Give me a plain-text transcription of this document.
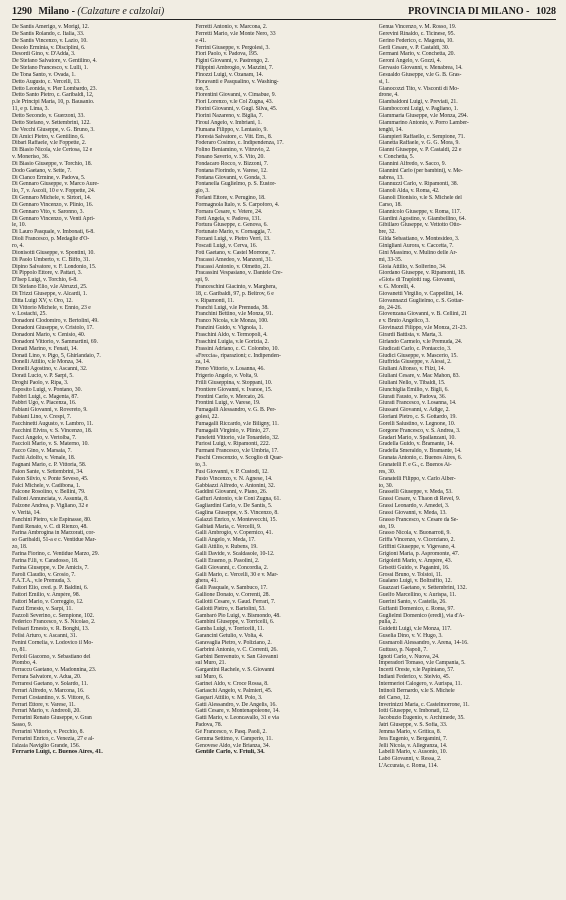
1290 Milano - (Calzature e calzolai)	PROVINCIA DI MILANO - 1028
De Santis Amerigo, v. Morigi, 12.
De Santis Rolando, c. Italia, 33.
De Santis Vincenzo, v. Lazio, 10.
Desolo Erminia, v. Disciplini, 6.
Desordi Gino, v. D'Adda, 3.
De Stefano Salvatore, v. Gentilino, 4.
De Stefano Francesco, v. Lulli, 1.
De Tona Santo, v. Ovada, 1.
Detto Augusto, c. Vercelli, 13.
Detto Leonida, v. Pier Lombardo, 23.
Detto Santo Pietro, c. Garibaldi, 12,
p.le Principi Maria, 10, p. Bausanio.
11, e p. Lima, 3.
Detto Secondo, v. Guerzoni, 33.
Detto Stefano, v. Settembrini, 122.
De Vecchi Giuseppe, v. G. Bruno, 3.
Di Amici Pietro, v. Gentilino, 6.
Dibari Raffaele, v.le Foppette, 2.
Di Biasio Nicola, v.le Certosa, 12 e
v. Moneriso, 36.
Di Biasio Giuseppe, v. Torchio, 18.
Dodo Gaetano, v. Sette, 7.
Di Cianco Ermine, v. Padova, 5.
Di Gennaro Giuseppe, v. Marco Aure-
lio, 7, v. Ascoli, 10 e v. Foppette, 24.
Di Gennaro Michele, v. Sirtori, 14.
Di Gennaro Vincenzo, v. Plinio, 16.
Di Gennaro Vito, v. Saronno, 3.
Di Gennaro Vincenzo, v. Venti Apri-
le, 10.
Di Lauro Pasquale, v. Imbonati, 6-8.
Dioli Francesco, p. Medaglie d'O-
ro, 4.
Dionisotti Giuseppe, v. Spontini, 10.
Di Paolo Umberto, v. C. Biffo, 31.
Dipino Salvatore, v. F. Londonio, 15.
Di Pippolo Ettore, v. Pattari, 3.
D'Isep Luigi, v. Torchio, 6-8.
Di Stefano Elio, v.le Abruzzi, 25.
Di Trizzi Giuseppe, v. Alcardi, 1.
Ditta Luigi XV, v. Oro, 12.
Di Vittorio Michele, v. Ennio, 23 e
v. Lostachi, 25.
Donadoni Clodomiro, v. Bertolini, 49.
Donadoni Giuseppe, v. Cristolo, 17.
Donadoni Mario, v. Cenisio, 40.
Donadoni Vittorio, v. Sammartini, 69.
Donati Marino, v. Fenati, 14.
Donati Lino, v. Pigo, 5, Ghirlandaio, 7.
Donelli Attilio, v.le Monza, 34.
Donelli Agostino, v. Ascanni, 32.
Dorati Lucio, v. P. Sarpi, 5.
Droghi Paolo, v. Ripa, 3.
Esposito Luigi, v. Pontano, 30.
Fabbri Luigi, c. Magenta, 87.
Fabbri Ugo, v. Piacenza, 16.
Fabiani Giovanni, v. Rovereto, 9.
Fabiani Lino, v. Crespi, 7.
Facchinetti Augusto, v. Lambro, 11.
Facchini Elvira, v. S. Vincenzo, 18.
Facci Angelo, v. Vertolba, 7.
Faccioli Mario, v. S. Materno, 10.
Facco Gino, v. Marsaia, 7.
Fachi Adolfo, v. Venale, 18.
Fagnani Mario, c. P. Vittoria, 58.
Faion Sante, v. Settembrini, 34.
Faion Silvio, v. Ponte Seveso, 45.
Falci Michele, v. Cadibona, 1.
Falcone Rosolino, v. Bellini, 79.
Falloni Annunciata, v. Assunta, 8.
Falzone Andrea, p. Vigliano, 32 e
v. Verità, 14.
Fanchini Pietro, v.le Espinasse, 80.
Fanti Renato, v. C. di Rienzo, 48.
Farina Ambrogina in Marzorati, cor-
so Garibaldi, 51-a e c. Ventidue Mar-
zo, 18.
Farina Fiorino, c. Ventidue Marzo, 29.
Farina F.lli, v. Caradosso, 18.
Farina Giuseppe, v. De Amicis, 7.
Faroli Claudio, v. Grosio, 7.
F.A.T.A., v.le Premuda, 3.
Fattori Elio, cred. p. P. Baldini, 6.
Fattori Emilio, v. Ampère, 98.
Fattori Mario, v. Correggio, 12.
Fazzi Ernesto, v. Sarpi, 11.
Fazzoli Severino, c. Sempione, 102.
Federico Francesco, v. S. Nicolao, 2.
Felisari Ernesto, v. R. Bonghi, 13.
Felisi Arturo, v. Ascanni, 31.
Fenini Cornelia, v. Lodovico il Mo-
ro, 81.
Ferioli Giacomo, v. Sebastiano del
Piombo, 4.
Ferraccu Gaetano, v. Madonnina, 23.
Ferrara Salvatore, v. Adua, 20.
Ferraresi Gaetano, v. Solardo, 11.
Ferrari Alfredo, v. Marcona, 16.
Ferrari Costantino, v. S. Vittore, 6.
Ferrari Ettore, v. Varese, 11.
Ferrari Mario, v. Andreoli, 20.
Ferrarini Renato Giuseppe, v. Gran
Sasso, 9.
Ferrarini Vittorio, v. Pecchio, 8.
Ferrarini Enrico, c. Venezia, 27 e al-
l'alzaia Naviglio Grande, 156.
Ferrario Luigi, c. Buenos Aires, 41.
Ferretti Antonio, v. Marcona, 2.
Ferretti Mario, v.le Monte Nero, 33
e 41.
Ferrini Giuseppe, v. Pergolesi, 3.
Fiori Paolo, v. Padova, 195.
Figini Giovanni, v. Pastrengo, 2.
Filippini Ambrogio, v. Mazzini, 7.
Finozzi Luigi, v. Ozanam, 14.
Fioravanti e Pasqualino, v. Washing-
ton, 5.
Fiorentini Giovanni, v. Cimabue, 9.
Fiori Lorenzo, v.le Col Zugna, 43.
Fiorini Giovanni, v. Gugl. Silva, 45.
Fiorini Nazareno, v. Biglia, 7.
Firoul Angelo, v. Imbriani, 1.
Fiumana Filippo, v. Lentasio, 9.
Florestà Salvatore, c. Vitt. Em., 8.
Foderaro Cosimo, c. Indipendenza, 17.
Folino Beniamino, v. Vitruvio, 2.
Fonano Saverio, v. S. Vito, 20.
Fondacaro Rocco, v. Bizzoni, 7.
Fontana Florindo, v. Varese, 12.
Fontana Giovanni, v. Gonda, 3.
Fontanella Guglielmo, p. S. Eustor-
gio, 3.
Forlani Ettore, v. Perugino, 18.
Formagnola Italo, v. S. Carpoforo, 4.
Fornara Cesare, v. Vetere, 24.
Forti Angela, v. Padova, 131.
Fortura Giuseppe, c. Genova, 6.
Fortunato Mario, v. Cornaggia, 7.
Forzani Luigi, v. Pietro Verri, 13.
Foscati Luigi, v. Cerva, 16.
Foti Gaetano, v. Castel Morrone, 7.
Fracassi Amedeo, v. Manzoni, 31.
Fracassi Antonio, v. Olmetto, 21.
Fracassini Vespasiano, v. Dantele Cre-
spi, 9.
Franceschini Giacinto, v. Marghera,
18, c. Garibaldi, 97, p. Beltrov, 6 e
v. Ripamonti, 11.
Franchi Luigi, v.le Premuda, 38.
Franchini Bettino, v.le Monza, 91.
Franco Nicola, v.le Monza, 100.
Franzini Guido, v. Vignola, 1.
Fraschini Aldo, v. Termopoli, 4.
Fraschini Luigia, v.le Gorizia, 2.
Frassini Adriano, c. C. Colombo, 10.
«Freccia», riparazioni; c. Indipenden-
za, 14.
Freno Vittorio, v. Losanna, 46.
Frigerio Angelo, v. Volta, 9.
Frilli Giuseppina, v. Stoppani, 10.
Frontiere Giovanni, v. Ivanoe, 15.
Frontini Carlo, v. Mercato, 26.
Frontini Luigi, v. Varese, 19.
Fumagalli Alessandro, v. G. B. Per-
golesi, 22.
Fumagalli Riccardo, v.le Biligny, 11.
Fumagalli Virginio, v. Plinio, 27.
Funeletti Vittorio, v.le Tonardelo, 32.
Furiosi Luigi, v. Ripamonti, 222.
Furmani Francesco, v.le Umbria, 17.
Fuschi Crescenzio, v. Scoglio di Quar-
to, 3.
Fusi Giovanni, v. P. Custodi, 12.
Fusto Vincenzo, v. N. Agnese, 14.
Gabbiazzi Alfredo, v. Antonini, 32.
Gaddini Giovanni, v. Piano, 26.
Gaffuri Antonio, v.le Coni Zugna, 61.
Gagliardini Carlo, v. De Santis, 5.
Gaglina Giuseppe, v. S. Vincenzo, 8.
Galazzi Enrico, v. Montevecchi, 15.
Galbiati Maria, c. Vercelli, 9.
Galli Ambrogio, v. Copernico, 41.
Galli Angelo, v. Meda, 17.
Galli Attilio, v. Rubens, 19.
Galli Davide, v. Scaldasole, 10-12.
Galli Erasmo, p. Pasolini, 2.
Galli Giovanni, c. Concordia, 2.
Galli Mario, c. Vercelli, 30 e v. Mar-
ghera, 41.
Galli Pasquale, v. Sambuco, 17.
Gallione Donato, v. Correnti, 28.
Gallotti Cesare, v. Gaud. Ferrari, 7.
Gallotti Pietro, v. Bartolini, 53.
Gambarò Pio Luigi, v. Bismondo, 48.
Gambini Giuseppe, v. Torricelli, 6.
Gamba Luigi, v. Torricelli, 11.
Garancini Getulio, v. Volta, 4.
Garavaglia Pietro, v. Poliziano, 2.
Garbrini Antonio, v. C. Correnti, 26.
Garbini Benvenuto, v. San Giovanni
sul Muro, 21.
Gargantini Rachele, v. S. Giovanni
sul Muro, 6.
Garinei Aldo, v. Croce Rossa, 8.
Gariaschi Angelo, v. Palmieri, 45.
Gaspari Attilio, v. M. Polo, 3.
Gatti Alessandro, v. De Angelis, 16.
Gatti Cesare, v. Montenapoleone, 14.
Gatti Mario, v. Leoncavallo, 31 e via
Padova, 78.
Gè Francesco, v. Pasq. Paoli, 2.
Gemma Settimo, v. Camperio, 11.
Genovese Aldo, v.le Brianza, 34.
Gentile Carlo, v. Friuli, 34.
Genua Vincenzo, v. M. Rosso, 19.
Gerevini Rinaldo, c. Ticinese, 95.
Gerino Federico, c. Magenta, 10.
Gerli Cesare, v. P. Castaldi, 30.
Germani Mario, v. Conchetta, 20.
Geroni Angelo, v. Gozzi, 4.
Gervasio Giovanni, v. Menabrea, 14.
Gesualdo Giuseppe, v.le G. B. Gras-
si, 1.
Gianocozzi Tito, v. Visconti di Mo-
drone, 4.
Giambaldoni Luigi, v. Previati, 21.
Giambocconi Luigi, v. Pagliano, 1.
Giammaria Giuseppe, v.le Monza, 294.
Giammarino Antonio, v. Porro Lamber-
tenghi, 14.
Giampieri Raffaello, c. Sempione, 71.
Gianetta Raffaele, v. G. G. Mora, 9.
Gianni Giuseppe, v. P. Castaldi, 22 e
v. Conchetta, 5.
Giannini Alfredo, v. Sacco, 9.
Giannini Carlo (per bambini), v. Me-
nabrea, 13.
Giannuzzi Carlo, v. Ripamonti, 38.
Gianoli Alda, v. Roma, 42.
Gianoli Dionisio, v.le S. Michele del
Carso, 18.
Giannicolo Giuseppe, v. Roma, 117.
Giardini Agostino, v. Giambellino, 64.
Gibillaro Giuseppe, v. Vettotto Otto-
bre, 32.
Gilda Sebastiano, v. Montesideo, 3.
Ginigliani Aurora, v. Caccetta, 7.
Gini Massimo, v. Mulino delle Ar-
mi, 33-35.
Gioia Attilio, v. Solferino, 34.
Giordano Giuseppe, v. Ripamonti, 18.
«Giot» di Traplotti rag. Giovanni,
v. G. Morelli, 4.
Giovanetti Virgilio, v. Cappellini, 14.
Giovannazzi Guglielmo, c. S. Gottar-
do, 24-26.
Giovenzana Giovanni, v. B. Cellini, 21
e v. Bruto Angelico, 3.
Giovinazzi Filippo, v.le Monza, 21-23.
Girardi Battista, v. Marta, 3.
Girlando Carmelo, v.le Premuda, 24.
Giudicati Carlo, c. Pontaccio, 3.
Giudici Giuseppe, v. Mascerio, 15.
Giuffrida Giuseppe, v. Alessi, 2.
Giuliani Alfonso, v. Filzi, 14.
Giuliani Cesare, v. Mac Mahon, 83.
Giuliani Nello, v. Tibaldi, 15.
Giunchiglia Emilio, v. Bigli, 6.
Giurati Fausto, v. Padova, 36.
Giurati Francesco, v. Losanna, 14.
Giussani Giovanni, v. Adige, 2.
Gloriani Pietro, c. S. Gottardo, 19.
Gorelli Salustino, v. Legnone, 10.
Gorgone Francesco, v. S. Andrea, 3.
Gradari Mario, v. Spallanzani, 10.
Gradella Guido, v. Bramante, 14.
Gradella Smeraldo, v. Bramante, 14.
Granata Antonio, c. Buenos Aires, 6.
Granatelli F. e G., c. Buenos Ai-
res, 30.
Granatelli Filippo, v. Carlo Alber-
to, 30.
Grasselli Giuseppe, v. Meda, 53.
Grassi Cesare, v. Thaon di Revel, 9.
Grassi Leonardo, v. Amedei, 3.
Grassi Giovanni, v. Meda, 13.
Grasso Francesco, v. Cesare da Se-
sto, 19.
Grasso Nicola, v. Buonarroti, 9.
Griffa Vincenzo, v. Cicerziano, 2.
Griffini Giuseppe, v. Vigevano, 4.
Grigioni Maria, p. Aspromonte, 47.
Grigoletti Mario, v. Ampère, 43.
Grisotti Guido, v. Paganini, 16.
Grossi Bruno, v. Tolstoi, 11.
Gualano Luigi, v. Boltraffio, 12.
Guazzari Gaetano, v. Settembrini, 132.
Guelfo Marcellino, v. Aurispa, 11.
Guerini Santo, v. Castella, 26.
Guffanti Domenico, c. Roma, 97.
Guglielmi Domenico (eredi), via d'A-
pulia, 2.
Guidetti Luigi, v.le Monza, 117.
Guselia Dino, v. V. Hugo, 3.
Gusmaroli Alessandro, v. Arena, 14-16.
Guttuso, p. Napoli, 7.
Ignoti Carlo, v. Nuova, 24.
Imperadori Tomaso, v.le Campania, 5.
Incerti Oreste, v.le Papiniano, 57.
Indiani Federico, v. Stelvio, 45.
Intermeriot Calogero, v. Aurispa, 11.
Intinoli Bernardo, v.le S. Michele
del Carso, 12.
Inverinizzi Maria, c. Castelmorrone, 11.
Iotti Giuseppe, v. Imbonati, 12.
Jacobuzio Eugenio, v. Archimede, 35.
Jatri Giuseppe, v. S. Sofia, 33.
Jemma Mario, v. Gritica, 8.
Jera Eugenio, v. Bergamini, 7.
Jelli Nicola, v. Allegranza, 14.
Labelli Mario, v. Ausonio, 10.
Labò Giovanni, v. Ressa, 2.
L'Accurata, c. Roma, 114.
